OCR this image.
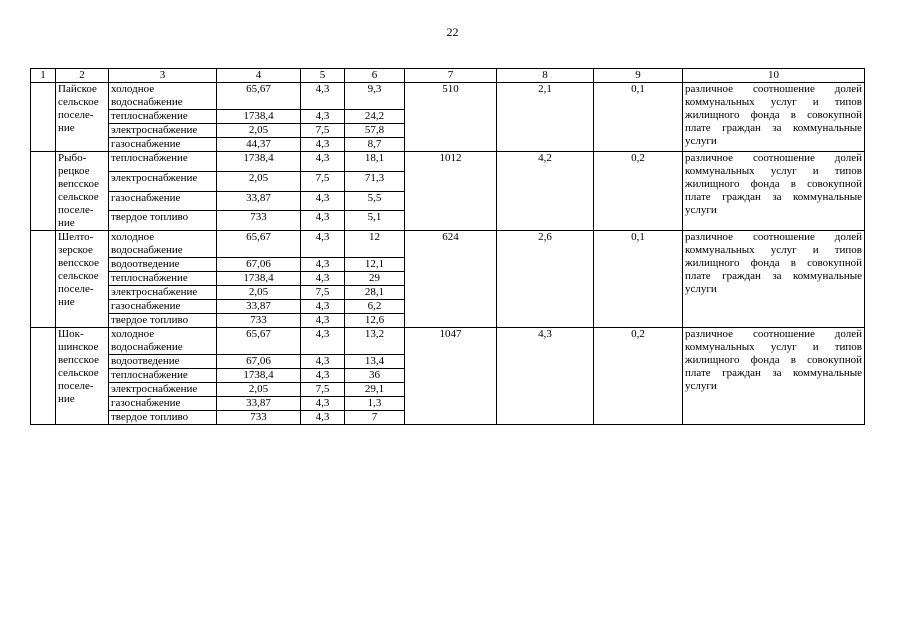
22
1	2	3	4	5	6	7	8	9	10
	Пайское сельское поселе- ние	холодное водоснабжение	65,67	4,3	9,3	510	2,1	0,1	различное соотношение долей коммунальных услуг и типов жилищного фонда в совокупной плате граждан за коммунальные услуги
		теплоснабжение	1738,4	4,3	24,2				
		электроснабжение	2,05	7,5	57,8				
		газоснабжение	44,37	4,3	8,7				
	Рыбо- рецкое вепсское сельское поселе- ние	теплоснабжение	1738,4	4,3	18,1	1012	4,2	0,2	различное соотношение долей коммунальных услуг и типов жилищного фонда в совокупной плате граждан за коммунальные услуги
		электроснабжение	2,05	7,5	71,3				
		газоснабжение	33,87	4,3	5,5				
		твердое топливо	733	4,3	5,1				
	Шелто- зерское вепсское сельское поселе- ние	холодное водоснабжение	65,67	4,3	12	624	2,6	0,1	различное соотношение долей коммунальных услуг и типов жилищного фонда в совокупной плате граждан за коммунальные услуги
		водоотведение	67,06	4,3	12,1				
		теплоснабжение	1738,4	4,3	29				
		электроснабжение	2,05	7,5	28,1				
		газоснабжение	33,87	4,3	6,2				
		твердое топливо	733	4,3	12,6				
	Шок- шинское вепсское сельское поселе- ние	холодное водоснабжение	65,67	4,3	13,2	1047	4,3	0,2	различное соотношение долей коммунальных услуг и типов жилищного фонда в совокупной плате граждан за коммунальные услуги
		водоотведение	67,06	4,3	13,4				
		теплоснабжение	1738,4	4,3	36				
		электроснабжение	2,05	7,5	29,1				
		газоснабжение	33,87	4,3	1,3				
		твердое топливо	733	4,3	7				
